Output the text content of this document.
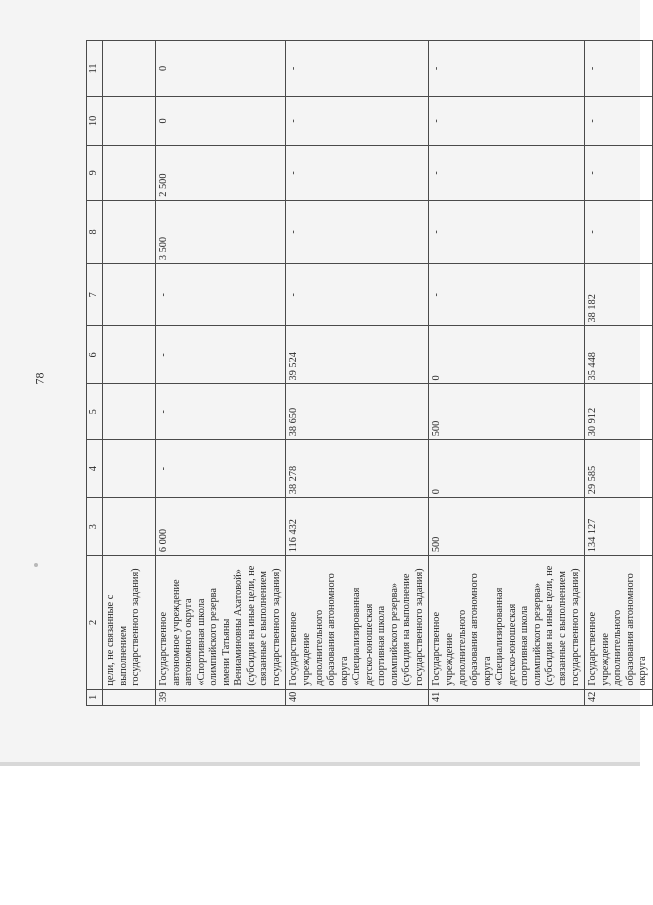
78
1	2	3	4	5	6	7	8	9	10	11
	цели, не связанные с выполнением государственного задания)									
39	Государственное автономное учреждение автономного округа «Спортивная школа олимпийского резерва имени Татьяны Вениаминовны Ахатовой» (субсидия на иные цели, не связанные с выполнением государственного задания)	6 000	-	-	-	-	3 500	2 500	0	0
40	Государственное учреждение дополнительного образования автономного округа «Специализированная детско-юношеская спортивная школа олимпийского резерва» (субсидия на выполнение государственного задания)	116 432	38 278	38 650	39 524	-	-	-	-	-
41	Государственное учреждение дополнительного образования автономного округа «Специализированная детско-юношеская спортивная школа олимпийского резерва» (субсидия на иные цели, не связанные с выполнением государственного задания)	500	0	500	0	-	-	-	-	-
42	Государственное учреждение дополнительного образования автономного округа	134 127	29 585	30 912	35 448	38 182	-	-	-	-
